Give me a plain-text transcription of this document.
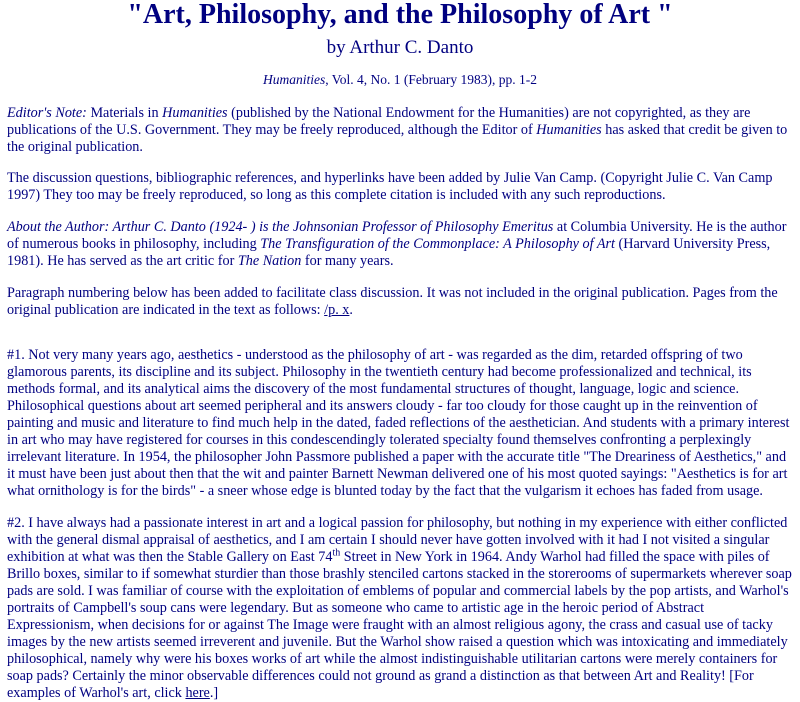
"Art, Philosophy, and the Philosophy of Art "
by Arthur C. Danto
Humanities, Vol. 4, No. 1 (February 1983), pp. 1-2

Editor's Note: Materials in Humanities (published by the National Endowment for the Humanities) are not copyrighted, as they are publications of the U.S. Government. They may be freely reproduced, although the Editor of Humanities has asked that credit be given to the original publication.

The discussion questions, bibliographic references, and hyperlinks have been added by Julie Van Camp. (Copyright Julie C. Van Camp 1997) They too may be freely reproduced, so long as this complete citation is included with any such reproductions.

About the Author: Arthur C. Danto (1924- ) is the Johnsonian Professor of Philosophy Emeritus at Columbia University. He is the author of numerous books in philosophy, including The Transfiguration of the Commonplace: A Philosophy of Art (Harvard University Press, 1981). He has served as the art critic for The Nation for many years.

Paragraph numbering below has been added to facilitate class discussion. It was not included in the original publication. Pages from the original publication are indicated in the text as follows: /p. x.

#1. Not very many years ago, aesthetics - understood as the philosophy of art - was regarded as the dim, retarded offspring of two glamorous parents, its discipline and its subject. Philosophy in the twentieth century had become professionalized and technical, its methods formal, and its analytical aims the discovery of the most fundamental structures of thought, language, logic and science. Philosophical questions about art seemed peripheral and its answers cloudy - far too cloudy for those caught up in the reinvention of painting and music and literature to find much help in the dated, faded reflections of the aesthetician. And students with a primary interest in art who may have registered for courses in this condescendingly tolerated specialty found themselves confronting a perplexingly irrelevant literature. In 1954, the philosopher John Passmore published a paper with the accurate title "The Dreariness of Aesthetics," and it must have been just about then that the wit and painter Barnett Newman delivered one of his most quoted sayings: "Aesthetics is for art what ornithology is for the birds" - a sneer whose edge is blunted today by the fact that the vulgarism it echoes has faded from usage.

#2. I have always had a passionate interest in art and a logical passion for philosophy, but nothing in my experience with either conflicted with the general dismal appraisal of aesthetics, and I am certain I should never have gotten involved with it had I not visited a singular exhibition at what was then the Stable Gallery on East 74th Street in New York in 1964. Andy Warhol had filled the space with piles of Brillo boxes, similar to if somewhat sturdier than those brashly stenciled cartons stacked in the storerooms of supermarkets wherever soap pads are sold. I was familiar of course with the exploitation of emblems of popular and commercial labels by the pop artists, and Warhol's portraits of Campbell's soup cans were legendary. But as someone who came to artistic age in the heroic period of Abstract Expressionism, when decisions for or against The Image were fraught with an almost religious agony, the crass and casual use of tacky images by the new artists seemed irreverent and juvenile. But the Warhol show raised a question which was intoxicating and immediately philosophical, namely why were his boxes works of art while the almost indistinguishable utilitarian cartons were merely containers for soap pads? Certainly the minor observable differences could not ground as grand a distinction as that between Art and Reality! [For examples of Warhol's art, click here.]
